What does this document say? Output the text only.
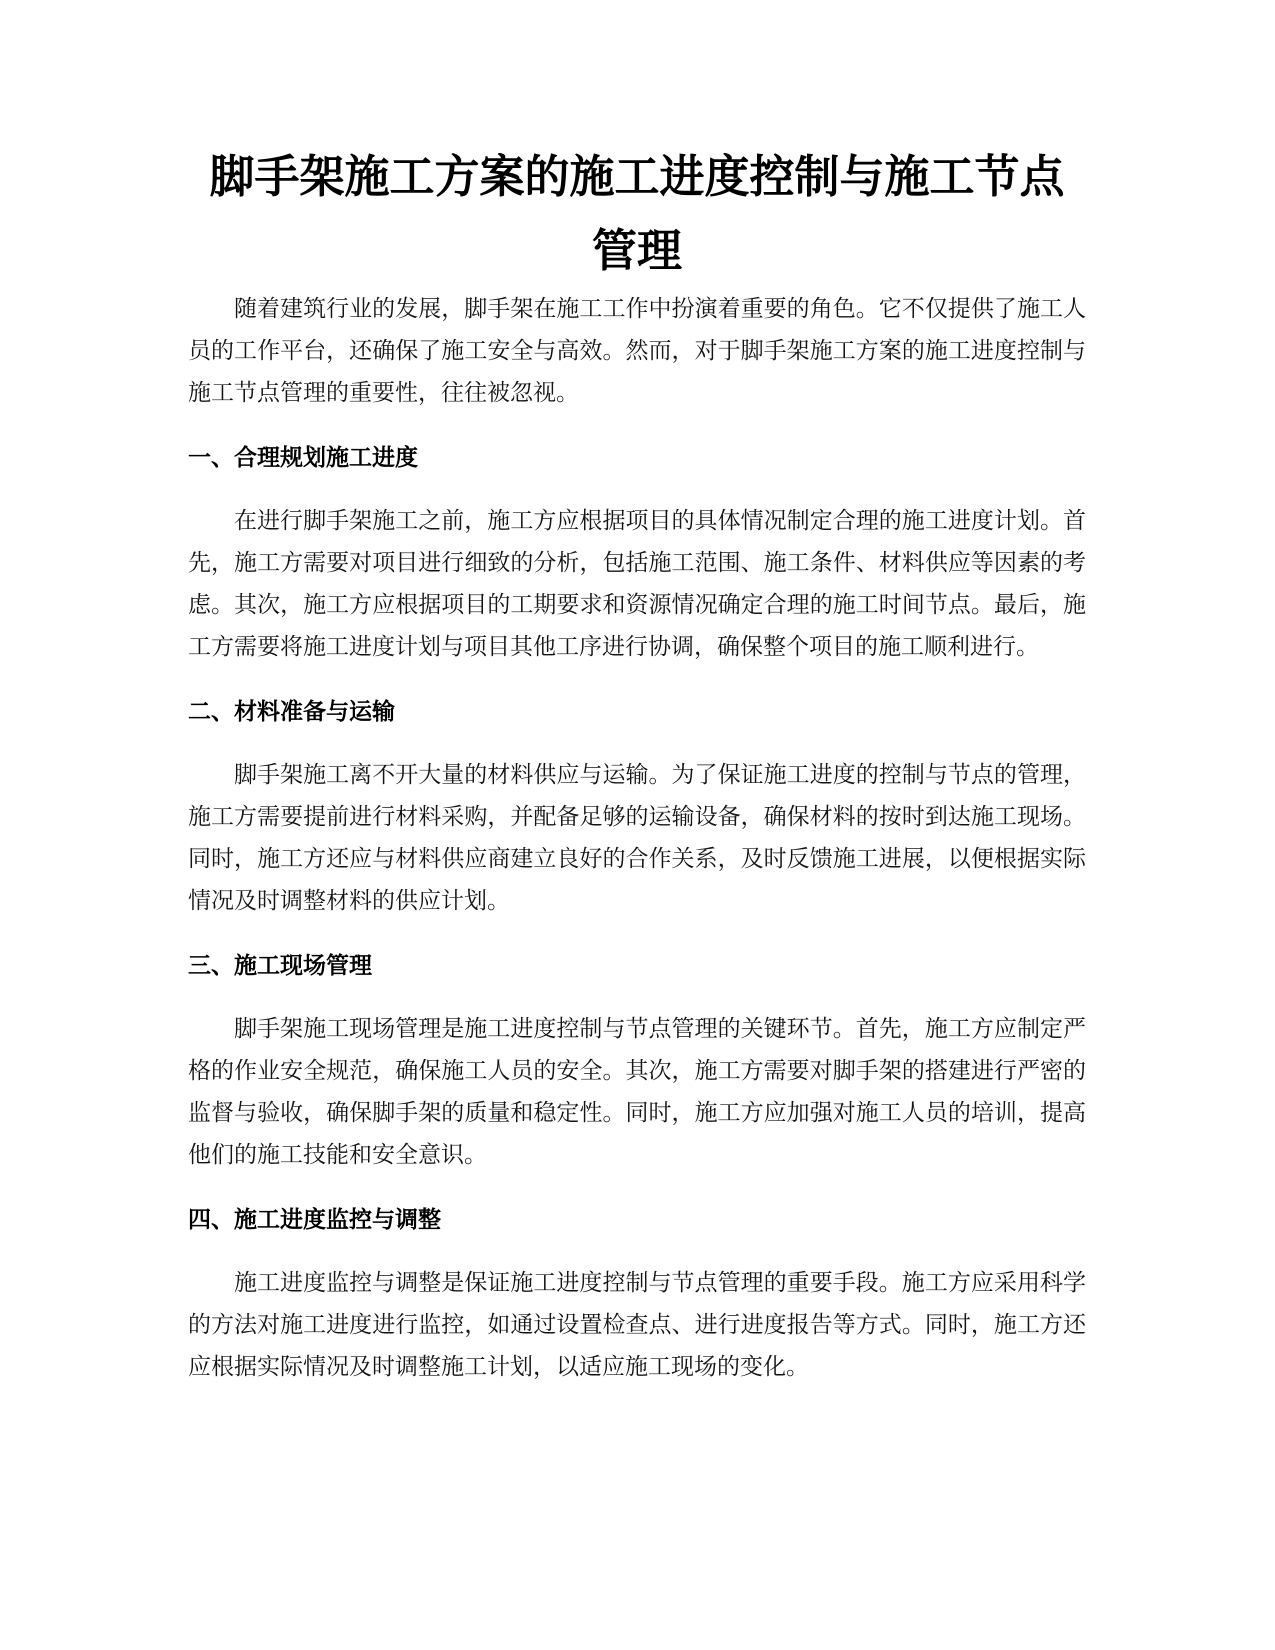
脚手架施工方案的施工进度控制与施工节点管理

随着建筑行业的发展，脚手架在施工工作中扮演着重要的角色。它不仅提供了施工人员的工作平台，还确保了施工安全与高效。然而，对于脚手架施工方案的施工进度控制与施工节点管理的重要性，往往被忽视。

一、合理规划施工进度

在进行脚手架施工之前，施工方应根据项目的具体情况制定合理的施工进度计划。首先，施工方需要对项目进行细致的分析，包括施工范围、施工条件、材料供应等因素的考虑。其次，施工方应根据项目的工期要求和资源情况确定合理的施工时间节点。最后，施工方需要将施工进度计划与项目其他工序进行协调，确保整个项目的施工顺利进行。

二、材料准备与运输

脚手架施工离不开大量的材料供应与运输。为了保证施工进度的控制与节点的管理，施工方需要提前进行材料采购，并配备足够的运输设备，确保材料的按时到达施工现场。同时，施工方还应与材料供应商建立良好的合作关系，及时反馈施工进展，以便根据实际情况及时调整材料的供应计划。

三、施工现场管理

脚手架施工现场管理是施工进度控制与节点管理的关键环节。首先，施工方应制定严格的作业安全规范，确保施工人员的安全。其次，施工方需要对脚手架的搭建进行严密的监督与验收，确保脚手架的质量和稳定性。同时，施工方应加强对施工人员的培训，提高他们的施工技能和安全意识。

四、施工进度监控与调整

施工进度监控与调整是保证施工进度控制与节点管理的重要手段。施工方应采用科学的方法对施工进度进行监控，如通过设置检查点、进行进度报告等方式。同时，施工方还应根据实际情况及时调整施工计划，以适应施工现场的变化。
